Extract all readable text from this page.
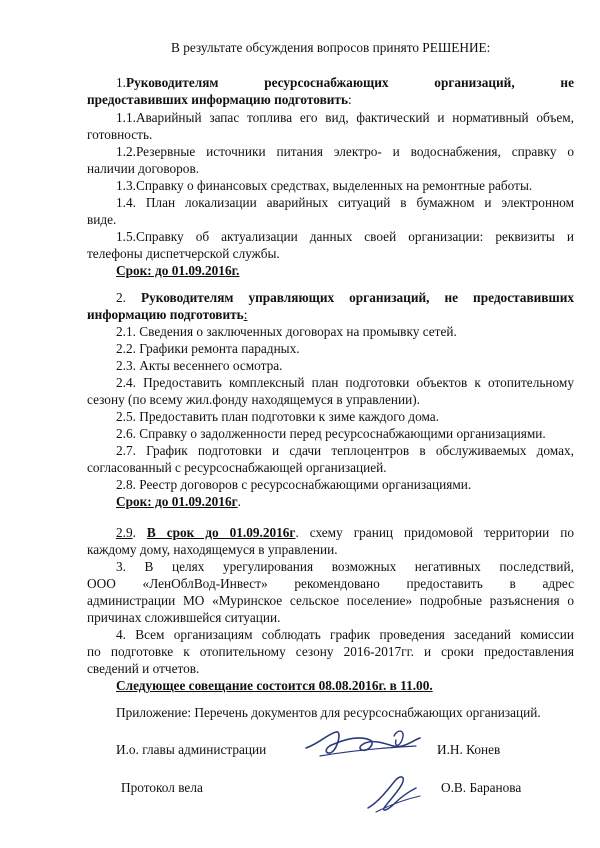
В результате обсуждения вопросов принято РЕШЕНИЕ:
1.Руководителям ресурсоснабжающих организаций, не
предоставивших информацию подготовить:
1.1.Аварийный запас топлива его вид, фактический и нормативный объем,
готовность.
1.2.Резервные источники питания электро- и водоснабжения, справку о
наличии договоров.
1.3.Справку о финансовых средствах, выделенных на ремонтные работы.
1.4. План локализации аварийных ситуаций в бумажном и электронном
виде.
1.5.Справку об актуализации данных своей организации: реквизиты и
телефоны диспетчерской службы.
Срок: до 01.09.2016г.
2. Руководителям управляющих организаций, не предоставивших
информацию подготовить:
2.1. Сведения о заключенных договорах на промывку сетей.
2.2. Графики ремонта парадных.
2.3. Акты весеннего осмотра.
2.4. Предоставить комплексный план подготовки объектов к отопительному
сезону (по всему жил.фонду находящемуся в управлении).
2.5. Предоставить план подготовки к зиме каждого дома.
2.6. Справку о задолженности перед ресурсоснабжающими организациями.
2.7. График подготовки и сдачи теплоцентров в обслуживаемых домах,
согласованный с ресурсоснабжающей организацией.
2.8. Реестр договоров с ресурсоснабжающими организациями.
Срок: до 01.09.2016г.
2.9. В срок до 01.09.2016г. схему границ придомовой территории по
каждому дому, находящемуся в управлении.
3. В целях урегулирования возможных негативных последствий,
ООО «ЛенОблВод-Инвест» рекомендовано предоставить в адрес
администрации МО «Муринское сельское поселение» подробные разъяснения о
причинах сложившейся ситуации.
4. Всем организациям соблюдать график проведения заседаний комиссии
по подготовке к отопительному сезону 2016-2017гг. и сроки предоставления
сведений и отчетов.
Следующее совещание состоится 08.08.2016г. в 11.00.
Приложение: Перечень документов для ресурсоснабжающих организаций.
И.о. главы администрации	И.Н. Конев
Протокол вела	О.В. Баранова
